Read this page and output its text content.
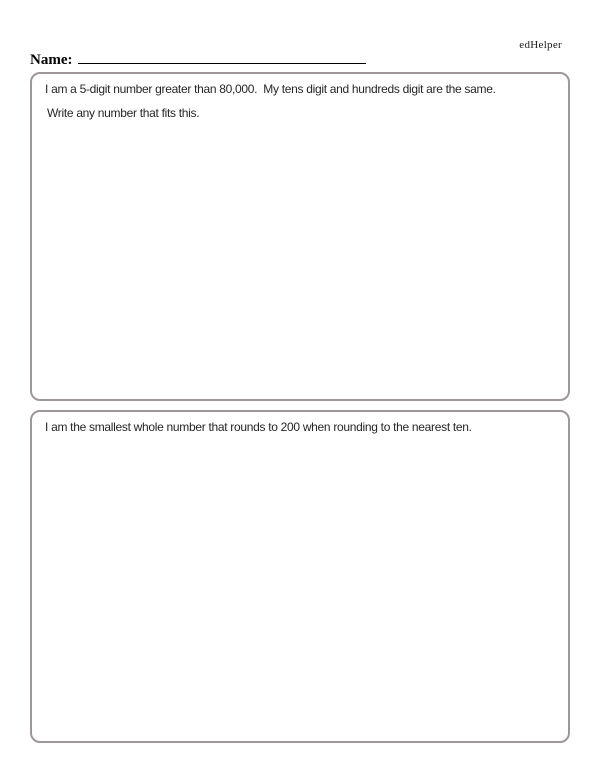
edHelper
Name:
I am a 5-digit number greater than 80,000.  My tens digit and hundreds digit are the same.
Write any number that fits this.
I am the smallest whole number that rounds to 200 when rounding to the nearest ten.
